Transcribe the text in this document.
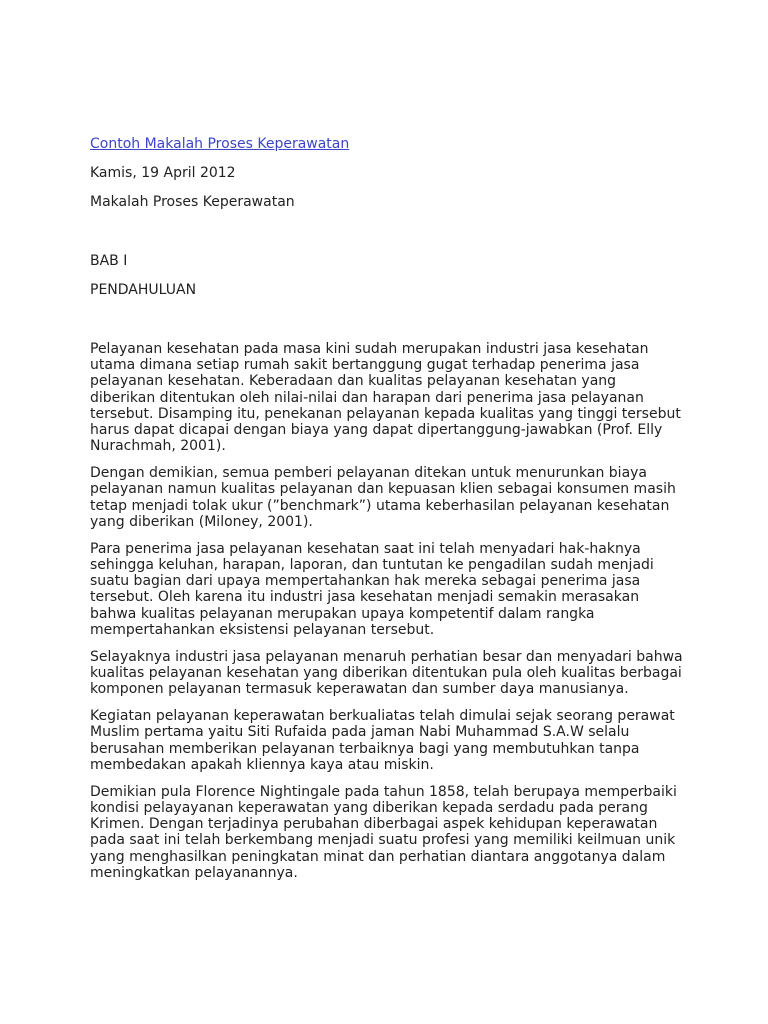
Contoh Makalah Proses Keperawatan

Kamis, 19 April 2012

Makalah Proses Keperawatan

BAB I

PENDAHULUAN

Pelayanan kesehatan pada masa kini sudah merupakan industri jasa kesehatan
utama dimana setiap rumah sakit bertanggung gugat terhadap penerima jasa
pelayanan kesehatan. Keberadaan dan kualitas pelayanan kesehatan yang
diberikan ditentukan oleh nilai-nilai dan harapan dari penerima jasa pelayanan
tersebut. Disamping itu, penekanan pelayanan kepada kualitas yang tinggi tersebut
harus dapat dicapai dengan biaya yang dapat dipertanggung-jawabkan (Prof. Elly
Nurachmah, 2001).

Dengan demikian, semua pemberi pelayanan ditekan untuk menurunkan biaya
pelayanan namun kualitas pelayanan dan kepuasan klien sebagai konsumen masih
tetap menjadi tolak ukur (”benchmark”) utama keberhasilan pelayanan kesehatan
yang diberikan (Miloney, 2001).

Para penerima jasa pelayanan kesehatan saat ini telah menyadari hak-haknya
sehingga keluhan, harapan, laporan, dan tuntutan ke pengadilan sudah menjadi
suatu bagian dari upaya mempertahankan hak mereka sebagai penerima jasa
tersebut. Oleh karena itu industri jasa kesehatan menjadi semakin merasakan
bahwa kualitas pelayanan merupakan upaya kompetentif dalam rangka
mempertahankan eksistensi pelayanan tersebut.

Selayaknya industri jasa pelayanan menaruh perhatian besar dan menyadari bahwa
kualitas pelayanan kesehatan yang diberikan ditentukan pula oleh kualitas berbagai
komponen pelayanan termasuk keperawatan dan sumber daya manusianya.

Kegiatan pelayanan keperawatan berkualiatas telah dimulai sejak seorang perawat
Muslim pertama yaitu Siti Rufaida pada jaman Nabi Muhammad S.A.W selalu
berusahan memberikan pelayanan terbaiknya bagi yang membutuhkan tanpa
membedakan apakah kliennya kaya atau miskin.

Demikian pula Florence Nightingale pada tahun 1858, telah berupaya memperbaiki
kondisi pelayayanan keperawatan yang diberikan kepada serdadu pada perang
Krimen. Dengan terjadinya perubahan diberbagai aspek kehidupan keperawatan
pada saat ini telah berkembang menjadi suatu profesi yang memiliki keilmuan unik
yang menghasilkan peningkatan minat dan perhatian diantara anggotanya dalam
meningkatkan pelayanannya.
